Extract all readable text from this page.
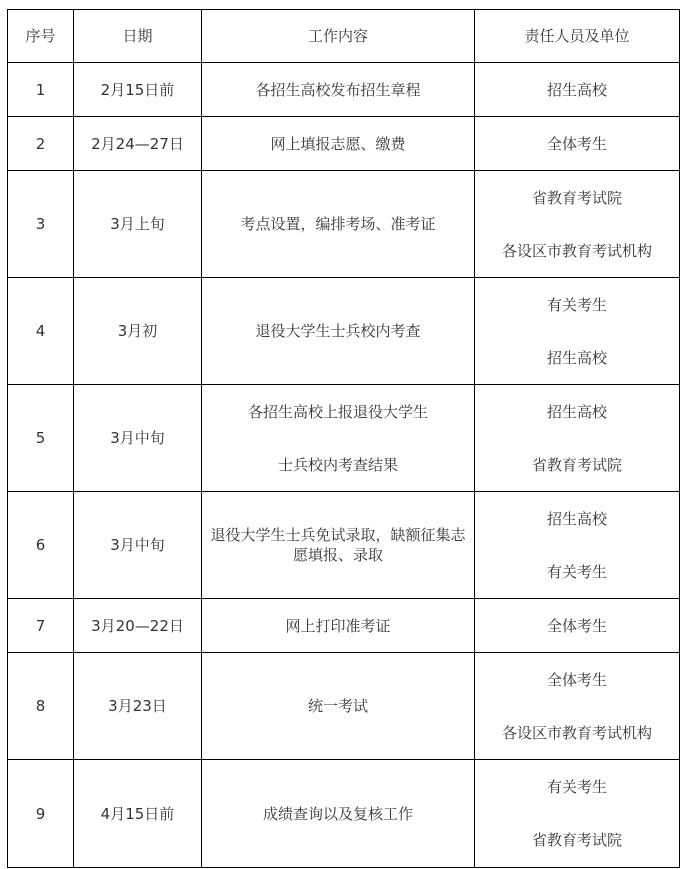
序号	日期	工作内容	责任人员及单位
1	2月15日前	各招生高校发布招生章程	招生高校

2	2月24—27日	网上填报志愿、缴费	全体考生

3	3月上旬	考点设置，编排考场、准考证	省教育考试院
各设区市教育考试机构

4	3月初	退役大学生士兵校内考查	有关考生
招生高校

5	3月中旬	各招生高校上报退役大学生
士兵校内考查结果	招生高校
省教育考试院

6	3月中旬	退役大学生士兵免试录取，缺额征集志愿填报、录取	招生高校
有关考生

7	3月20—22日	网上打印准考证	全体考生

8	3月23日	统一考试	全体考生
各设区市教育考试机构

9	4月15日前	成绩查询以及复核工作	有关考生
省教育考试院
